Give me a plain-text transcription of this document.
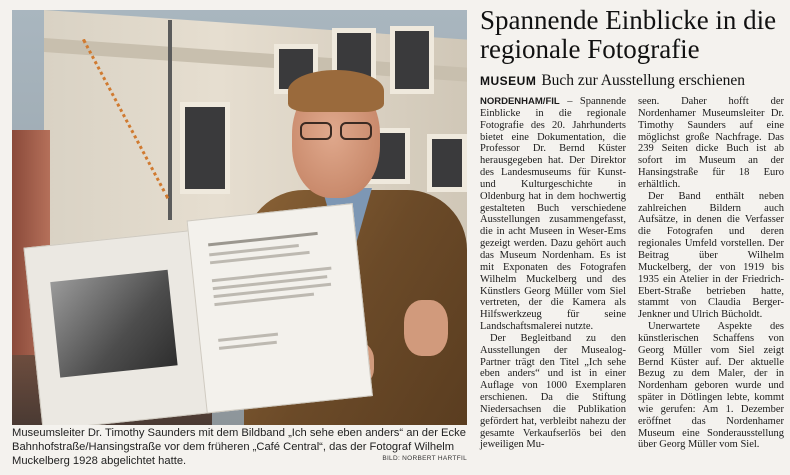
Museumsleiter Dr. Timothy Saunders mit dem Bildband „Ich sehe eben anders“ an der Ecke Bahnhofstraße/Hansingstraße vor dem früheren „Café Central“, das der Fotograf Wilhelm Muckelberg 1928 abgelichtet hatte.	BILD: NORBERT HARTFIL
Spannende Einblicke in die regionale Fotografie
MUSEUM Buch zur Ausstellung erschienen

NORDENHAM/FIL – Spannende Einblicke in die regionale Fotografie des 20. Jahrhunderts bietet eine Dokumentation, die Professor Dr. Bernd Küster herausgegeben hat. Der Direktor des Landesmuseums für Kunst- und Kulturgeschichte in Oldenburg hat in dem hochwertig gestalteten Buch verschiedene Ausstellungen zusammengefasst, die in acht Museen in Weser-Ems gezeigt werden. Dazu gehört auch das Museum Nordenham. Es ist mit Exponaten des Fotografen Wilhelm Muckelberg und des Künstlers Georg Müller vom Siel vertreten, der die Kamera als Hilfswerkzeug für seine Landschaftsmalerei nutzte.

Der Begleitband zu den Ausstellungen der Musealog-Partner trägt den Titel „Ich sehe eben anders“ und ist in einer Auflage von 1000 Exemplaren erschienen. Da die Stiftung Niedersachsen die Publikation gefördert hat, verbleibt nahezu der gesamte Verkaufserlös bei den jeweiligen Mu-

seen. Daher hofft der Nordenhamer Museumsleiter Dr. Timothy Saunders auf eine möglichst große Nachfrage. Das 239 Seiten dicke Buch ist ab sofort im Museum an der Hansingstraße für 18 Euro erhältlich.

Der Band enthält neben zahlreichen Bildern auch Aufsätze, in denen die Verfasser die Fotografen und deren regionales Umfeld vorstellen. Der Beitrag über Wilhelm Muckelberg, der von 1919 bis 1935 ein Atelier in der Friedrich-Ebert-Straße betrieben hatte, stammt von Claudia Berger-Jenkner und Ulrich Bücholdt.

Unerwartete Aspekte des künstlerischen Schaffens von Georg Müller vom Siel zeigt Bernd Küster auf. Der aktuelle Bezug zu dem Maler, der in Nordenham geboren wurde und später in Dötlingen lebte, kommt wie gerufen: Am 1. Dezember eröffnet das Nordenhamer Museum eine Sonderausstellung über Georg Müller vom Siel.
